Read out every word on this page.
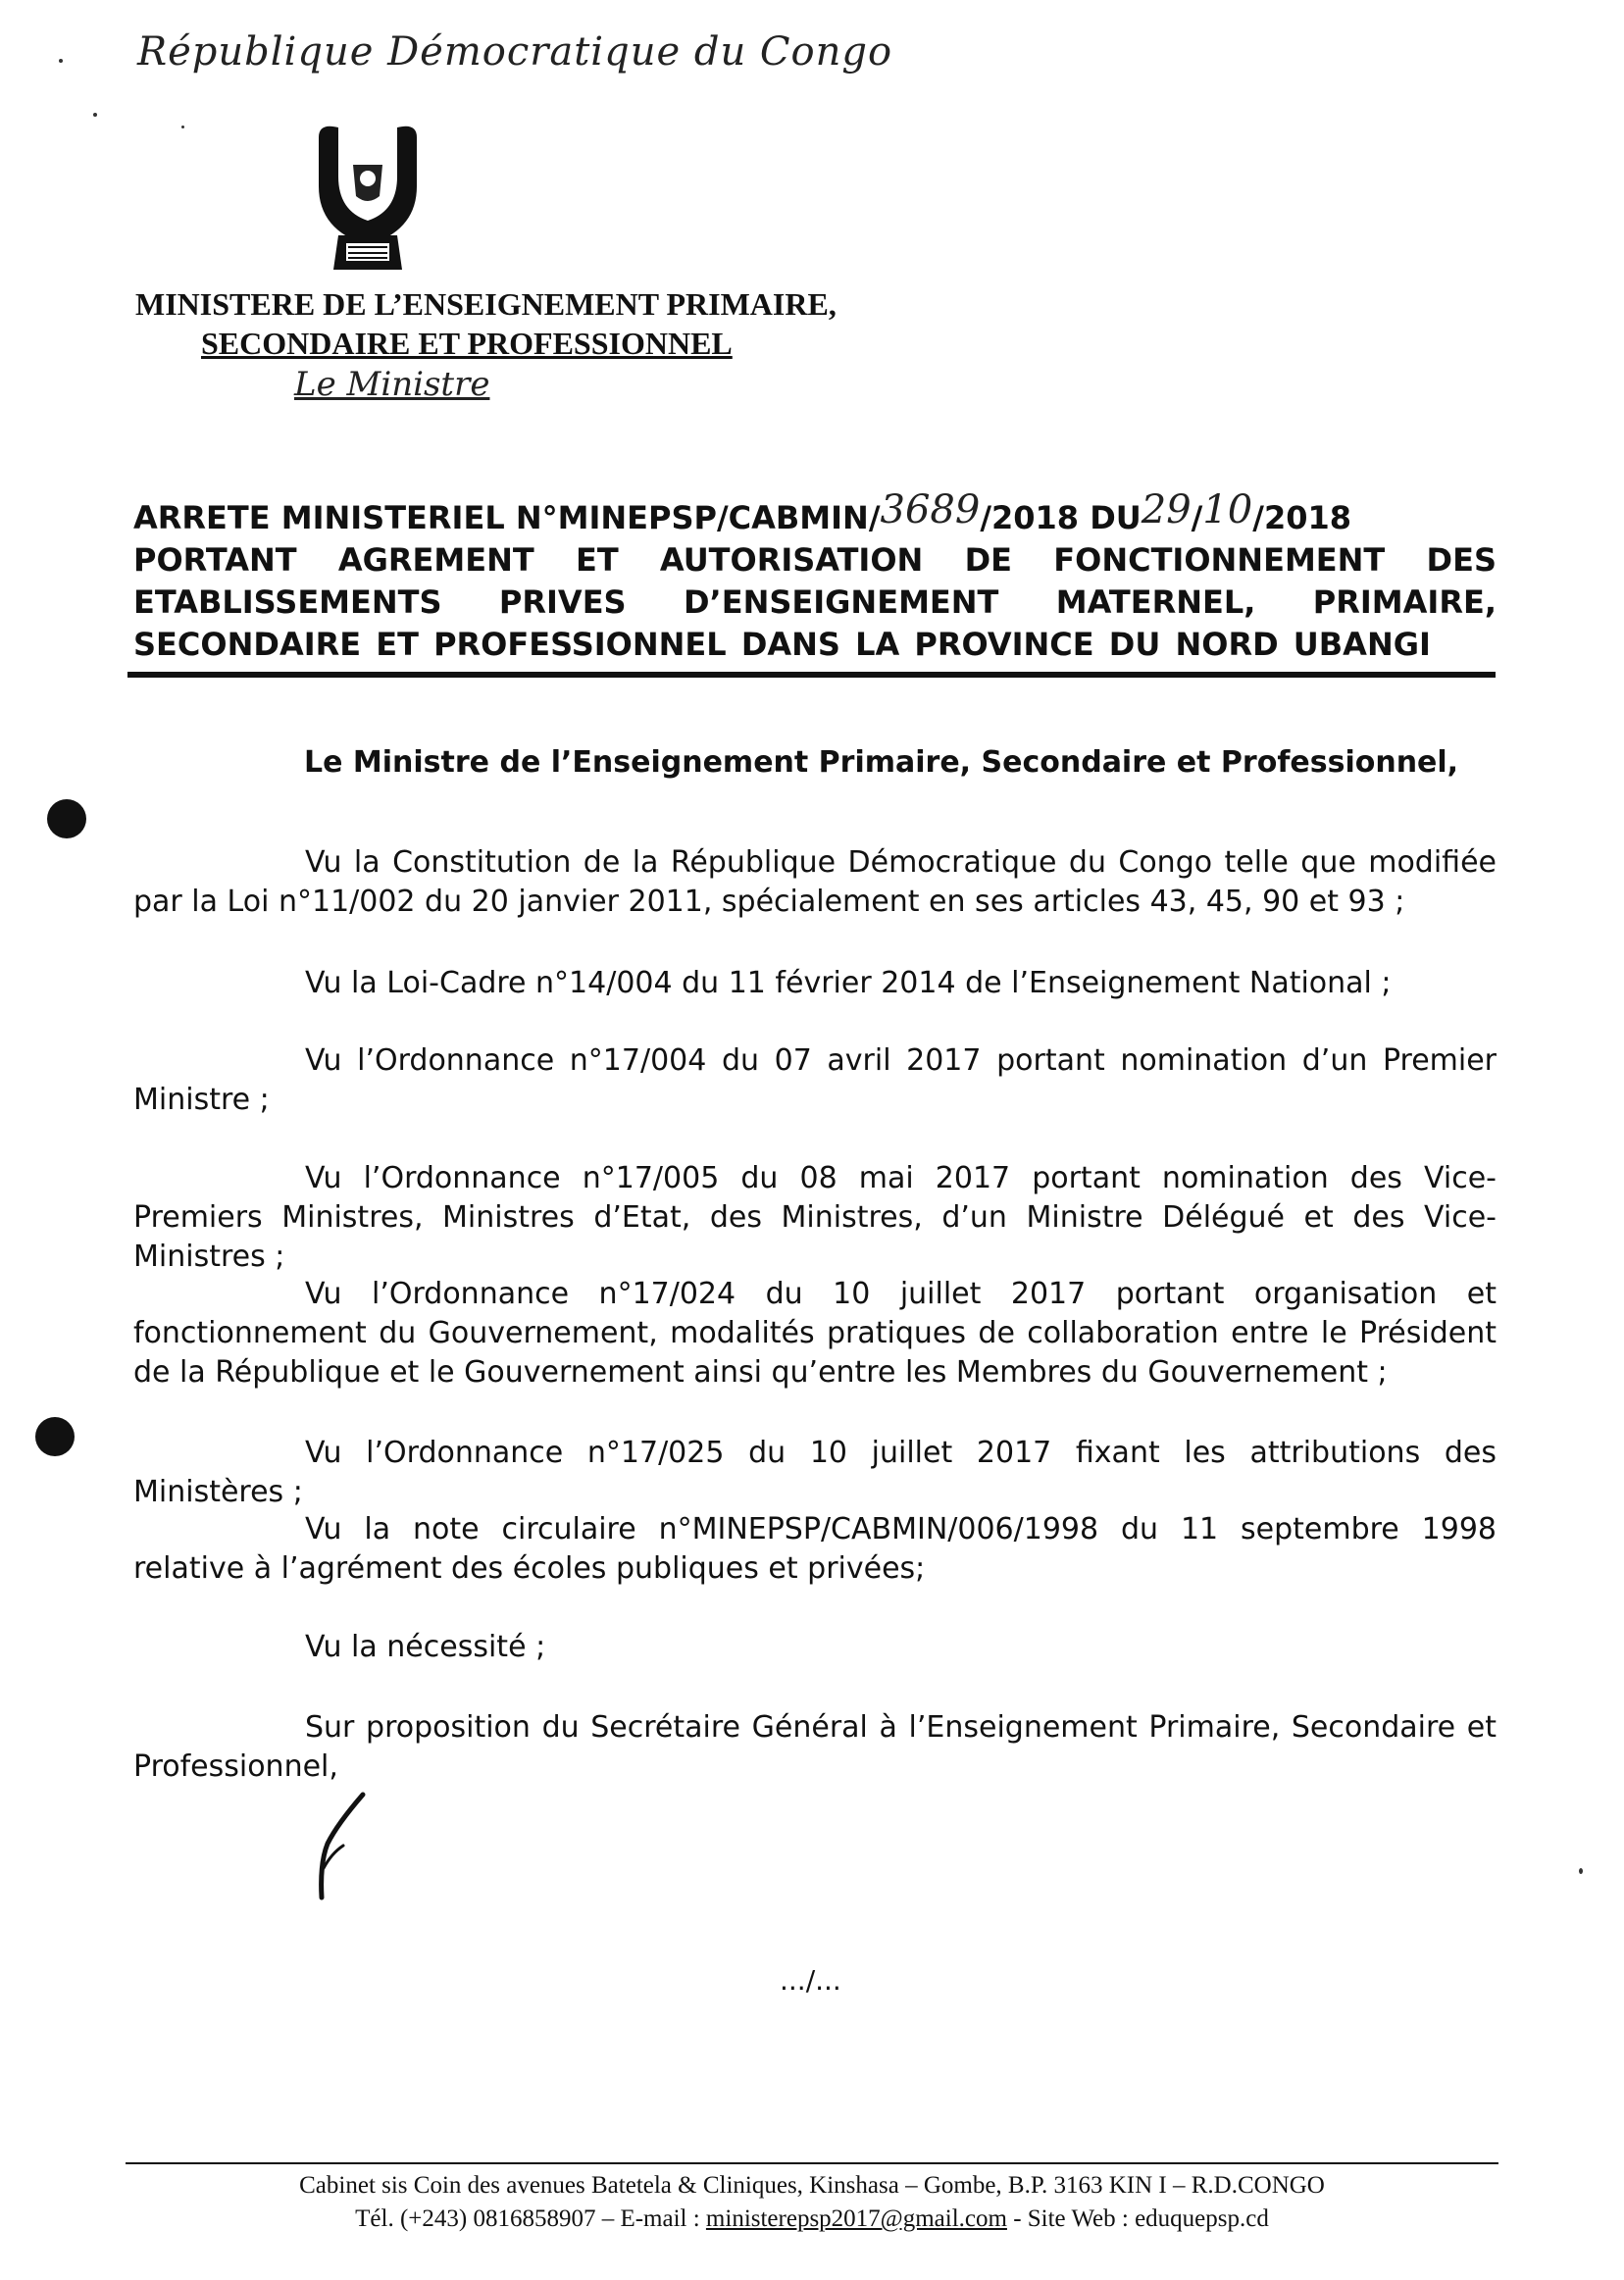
République Démocratique du Congo
MINISTERE DE L’ENSEIGNEMENT PRIMAIRE,
SECONDAIRE ET PROFESSIONNEL
Le Ministre
ARRETE MINISTERIEL N°MINEPSP/CABMIN/3689/2018 DU29/10/2018
PORTANT AGREMENT ET AUTORISATION DE FONCTIONNEMENT DES
ETABLISSEMENTS PRIVES D’ENSEIGNEMENT MATERNEL, PRIMAIRE,
SECONDAIRE ET PROFESSIONNEL DANS LA PROVINCE DU NORD UBANGI
Le Ministre de l’Enseignement Primaire, Secondaire et Professionnel,
Vu la Constitution de la République Démocratique du Congo telle que modifiée par la Loi n°11/002 du 20 janvier 2011, spécialement en ses articles 43, 45, 90 et 93 ;
Vu la Loi-Cadre n°14/004 du 11 février 2014 de l’Enseignement National ;
Vu l’Ordonnance n°17/004 du 07 avril 2017 portant nomination d’un Premier Ministre ;
Vu l’Ordonnance n°17/005 du 08 mai 2017 portant nomination des Vice-Premiers Ministres, Ministres d’Etat, des Ministres, d’un Ministre Délégué et des Vice-Ministres ;
Vu l’Ordonnance n°17/024 du 10 juillet 2017 portant organisation et fonctionnement du Gouvernement, modalités pratiques de collaboration entre le Président de la République et le Gouvernement ainsi qu’entre les Membres du Gouvernement ;
Vu l’Ordonnance n°17/025 du 10 juillet 2017 fixant les attributions des Ministères ;
Vu la note circulaire n°MINEPSP/CABMIN/006/1998 du 11 septembre 1998 relative à l’agrément des écoles publiques et privées;
Vu la nécessité ;
Sur proposition du Secrétaire Général à l’Enseignement Primaire, Secondaire et Professionnel,
.../...
Cabinet sis Coin des avenues Batetela & Cliniques, Kinshasa – Gombe, B.P. 3163 KIN I – R.D.CONGO
Tél. (+243) 0816858907 – E-mail : ministerepsp2017@gmail.com - Site Web : eduquepsp.cd
